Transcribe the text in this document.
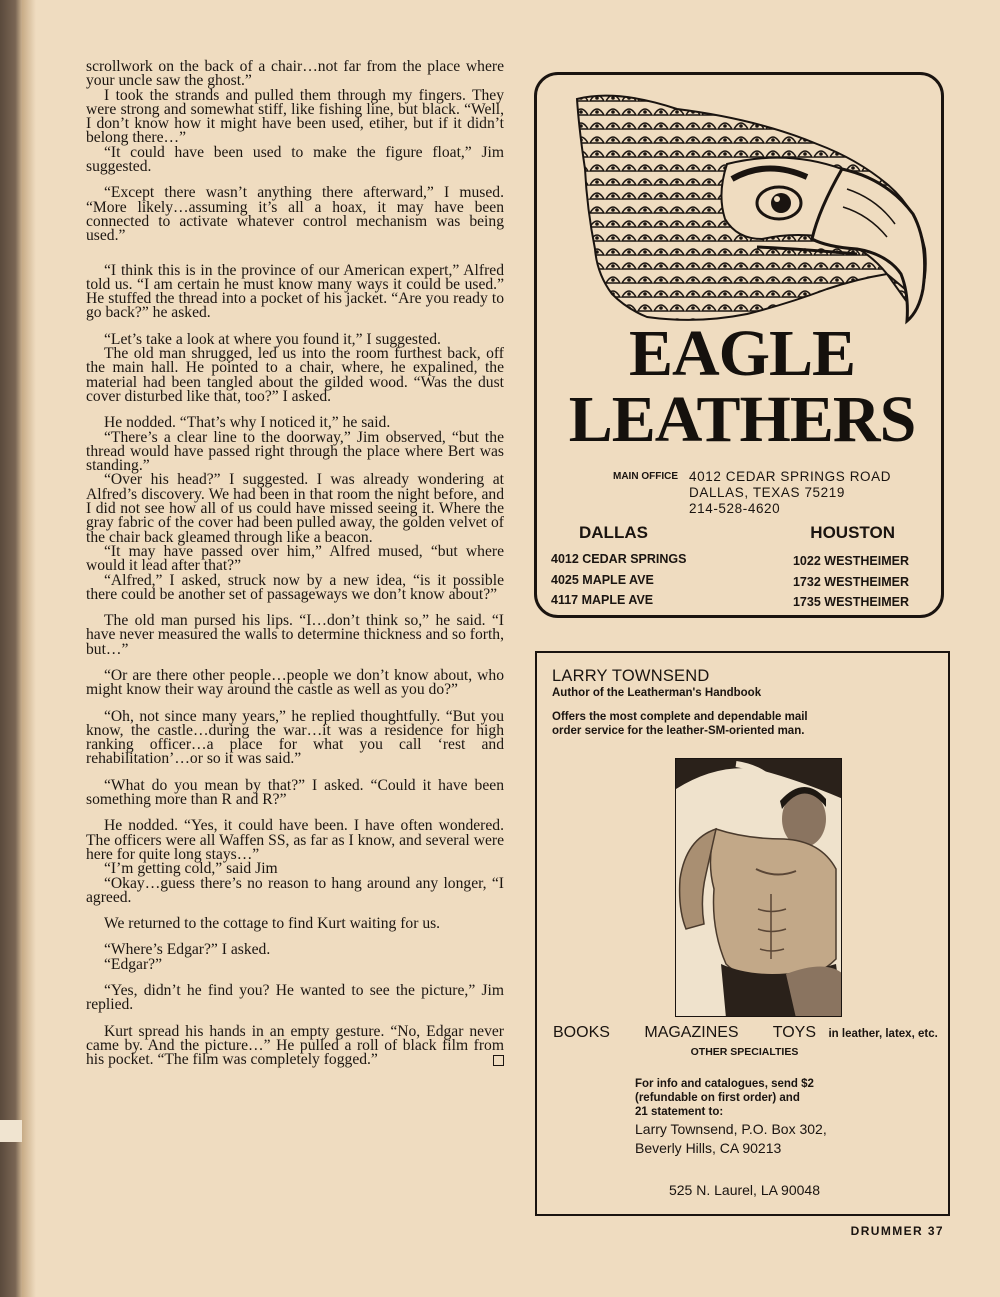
scrollwork on the back of a chair…not far from the place where your uncle saw the ghost.”

I took the strands and pulled them through my fingers. They were strong and somewhat stiff, like fishing line, but black. “Well, I don’t know how it might have been used, etiher, but if it didn’t belong there…”

“It could have been used to make the figure float,” Jim suggested.

“Except there wasn’t anything there afterward,” I mused. “More likely…assuming it’s all a hoax, it may have been connected to activate whatever control mechanism was being used.”

“I think this is in the province of our American expert,” Alfred told us. “I am certain he must know many ways it could be used.” He stuffed the thread into a pocket of his jacket. “Are you ready to go back?” he asked.

“Let’s take a look at where you found it,” I suggested.

The old man shrugged, led us into the room furthest back, off the main hall. He pointed to a chair, where, he expalined, the material had been tangled about the gilded wood. “Was the dust cover disturbed like that, too?” I asked.

He nodded. “That’s why I noticed it,” he said.

“There’s a clear line to the doorway,” Jim observed, “but the thread would have passed right through the place where Bert was standing.”

“Over his head?” I suggested. I was already wondering at Alfred’s discovery. We had been in that room the night before, and I did not see how all of us could have missed seeing it. Where the gray fabric of the cover had been pulled away, the golden velvet of the chair back gleamed through like a beacon.

“It may have passed over him,” Alfred mused, “but where would it lead after that?”

“Alfred,” I asked, struck now by a new idea, “is it possible there could be another set of passageways we don’t know about?”

The old man pursed his lips. “I…don’t think so,” he said. “I have never measured the walls to determine thickness and so forth, but…”

“Or are there other people…people we don’t know about, who might know their way around the castle as well as you do?”

“Oh, not since many years,” he replied thoughtfully. “But you know, the castle…during the war…it was a residence for high ranking officer…a place for what you call ‘rest and rehabilitation’…or so it was said.”

“What do you mean by that?” I asked. “Could it have been something more than R and R?”

He nodded. “Yes, it could have been. I have often wondered. The officers were all Waffen SS, as far as I know, and several were here for quite long stays…”

“I’m getting cold,” said Jim

“Okay…guess there’s no reason to hang around any longer, “I agreed.

We returned to the cottage to find Kurt waiting for us.

“Where’s Edgar?” I asked.

“Edgar?”

“Yes, didn’t he find you? He wanted to see the picture,” Jim replied.

Kurt spread his hands in an empty gesture. “No, Edgar never came by. And the picture…” He pulled a roll of black film from his pocket. “The film was completely fogged.”

EAGLE
LEATHERS
MAIN OFFICE 4012 CEDAR SPRINGS ROAD
DALLAS, TEXAS 75219
214-528-4620
DALLAS	HOUSTON
4012 CEDAR SPRINGS
4025 MAPLE AVE
4117 MAPLE AVE
1022 WESTHEIMER
1732 WESTHEIMER
1735 WESTHEIMER
LARRY TOWNSEND
Author of the Leatherman's Handbook
Offers the most complete and dependable mail order service for the leather-SM-oriented man.
BOOKS MAGAZINES TOYS in leather, latex, etc.
OTHER SPECIALTIES
For info and catalogues, send $2
(refundable on first order) and
21 statement to:
Larry Townsend, P.O. Box 302,
Beverly Hills, CA 90213
525 N. Laurel, LA 90048
DRUMMER 37
